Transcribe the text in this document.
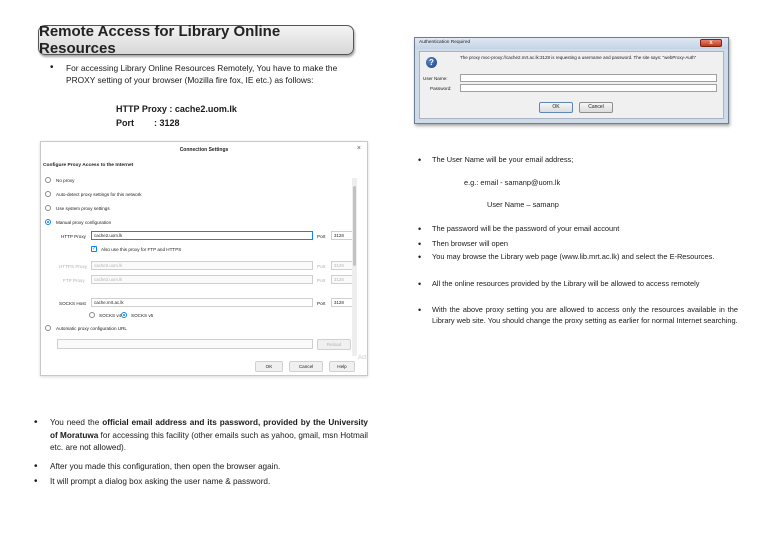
Remote Access for Library Online Resources
• For accessing Library Online Resources Remotely, You have to make the PROXY setting of your browser (Mozilla fire fox, IE etc.) as follows:
HTTP Proxy : cache2.uom.lk
Port        : 3128
Connection Settings	×
Configure Proxy Access to the Internet
No proxy
Auto-detect proxy settings for this network
Use system proxy settings
Manual proxy configuration
HTTP Proxy	cache2.uom.lk	Port	3128
✓ Also use this proxy for FTP and HTTPS
HTTPS Proxy	cache2.uom.lk	Port	3128
FTP Proxy	cache2.uom.lk	Port	3128
SOCKS Host	cache.mrt.ac.lk	Port	3128
SOCKS v4 SOCKS v5
Automatic proxy configuration URL
Reload
OK	Cancel	Help
Act
Authentication Required	x
?
The proxy moc-proxy://cache2.mrt.ac.lk:3128 is requesting a username and password. The site says: "webProxy-Auth"
User Name:
Password:
OK	Cancel
• The User Name will be your email address;
e.g.: email - samanp@uom.lk
User Name – samanp
• The password will be the password of your email account
• Then browser will open
• You may browse the Library web page (www.lib.mrt.ac.lk) and select the E-Resources.
• All the online resources provided by the Library will be allowed to access remotely
• With the above proxy setting you are allowed to access only the resources available in the Library web site. You should change the proxy setting as earlier for normal Internet searching.
• You need the official email address and its password, provided by the University of Moratuwa for accessing this facility (other emails such as yahoo, gmail, msn Hotmail etc. are not allowed).
• After you made this configuration, then open the browser again.
• It will prompt a dialog box asking the user name & password.
